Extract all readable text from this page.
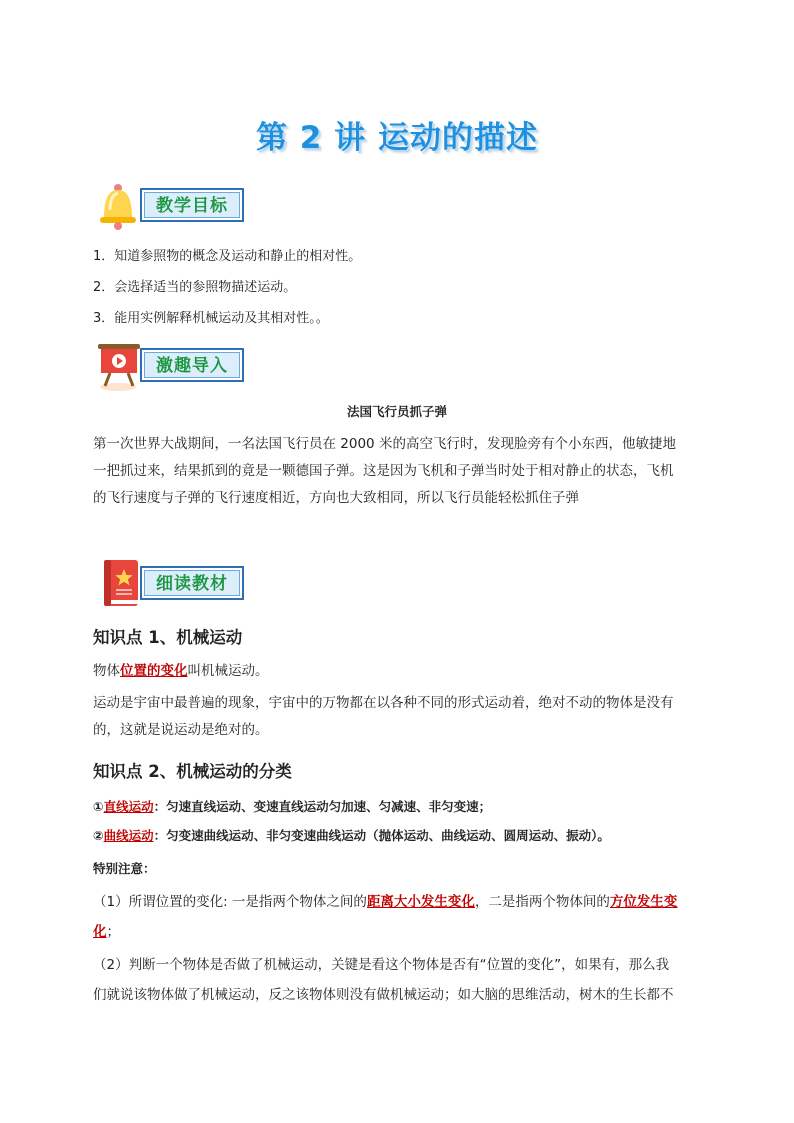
第 2 讲 运动的描述
教学目标
1．知道参照物的概念及运动和静止的相对性。
2．会选择适当的参照物描述运动。
3．能用实例解释机械运动及其相对性。。
激趣导入
法国飞行员抓子弹
第一次世界大战期间，一名法国飞行员在 2000 米的高空飞行时，发现脸旁有个小东西，他敏捷地
一把抓过来，结果抓到的竟是一颗德国子弹。这是因为飞机和子弹当时处于相对静止的状态，飞机
的飞行速度与子弹的飞行速度相近，方向也大致相同，所以飞行员能轻松抓住子弹
细读教材
知识点 1、机械运动
物体位置的变化叫机械运动。
运动是宇宙中最普遍的现象，宇宙中的万物都在以各种不同的形式运动着，绝对不动的物体是没有
的，这就是说运动是绝对的。
知识点 2、机械运动的分类
①直线运动：匀速直线运动、变速直线运动匀加速、匀减速、非匀变速；
②曲线运动：匀变速曲线运动、非匀变速曲线运动（抛体运动、曲线运动、圆周运动、振动）。
特别注意：
（1）所谓位置的变化: 一是指两个物体之间的距离大小发生变化，二是指两个物体间的方位发生变
化；
（2）判断一个物体是否做了机械运动，关键是看这个物体是否有“位置的变化”，如果有，那么我
们就说该物体做了机械运动，反之该物体则没有做机械运动；如大脑的思维活动，树木的生长都不
